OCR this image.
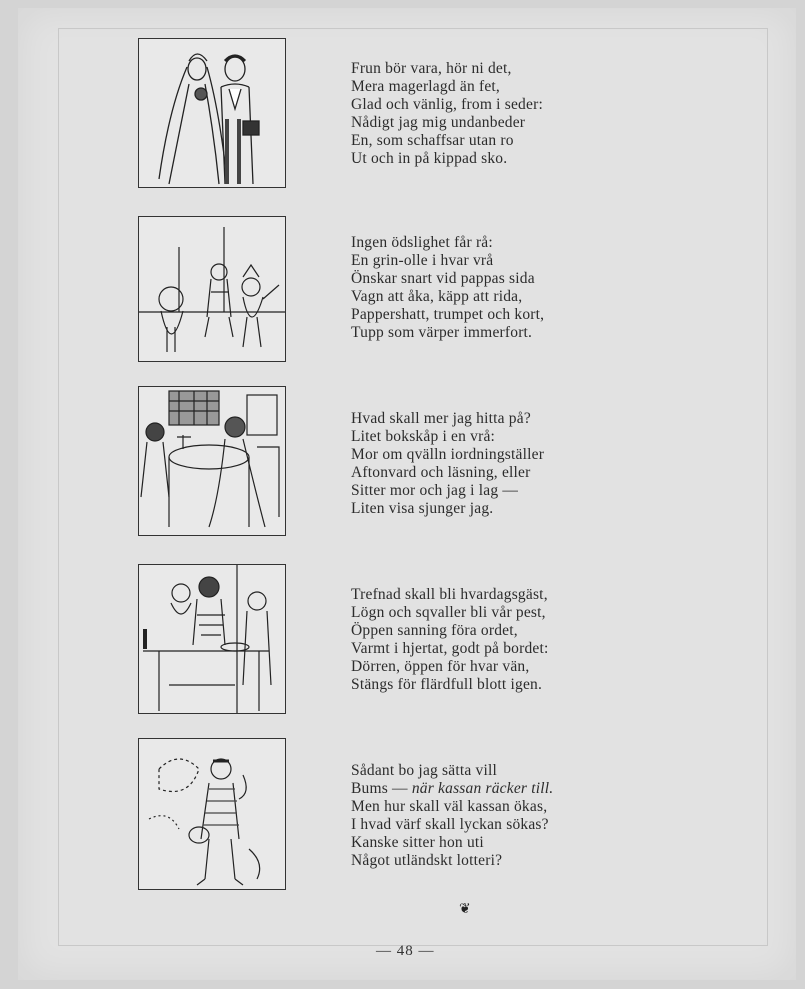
Frun bör vara, hör ni det,
Mera magerlagd än fet,
Glad och vänlig, from i seder:
Nådigt jag mig undanbeder
En, som schaffsar utan ro
Ut och in på kippad sko.
Ingen ödslighet får rå:
En grin-olle i hvar vrå
Önskar snart vid pappas sida
Vagn att åka, käpp att rida,
Pappershatt, trumpet och kort,
Tupp som värper immerfort.
Hvad skall mer jag hitta på?
Litet bokskåp i en vrå:
Mor om qvälln iordningställer
Aftonvard och läsning, eller
Sitter mor och jag i lag —
Liten visa sjunger jag.
Trefnad skall bli hvardagsgäst,
Lögn och sqvaller bli vår pest,
Öppen sanning föra ordet,
Varmt i hjertat, godt på bordet:
Dörren, öppen för hvar vän,
Stängs för flärdfull blott igen.
Sådant bo jag sätta vill
Bums — när kassan räcker till.
Men hur skall väl kassan ökas,
I hvad värf skall lyckan sökas?
Kanske sitter hon uti
Något utländskt lotteri?
❦
— 48 —
